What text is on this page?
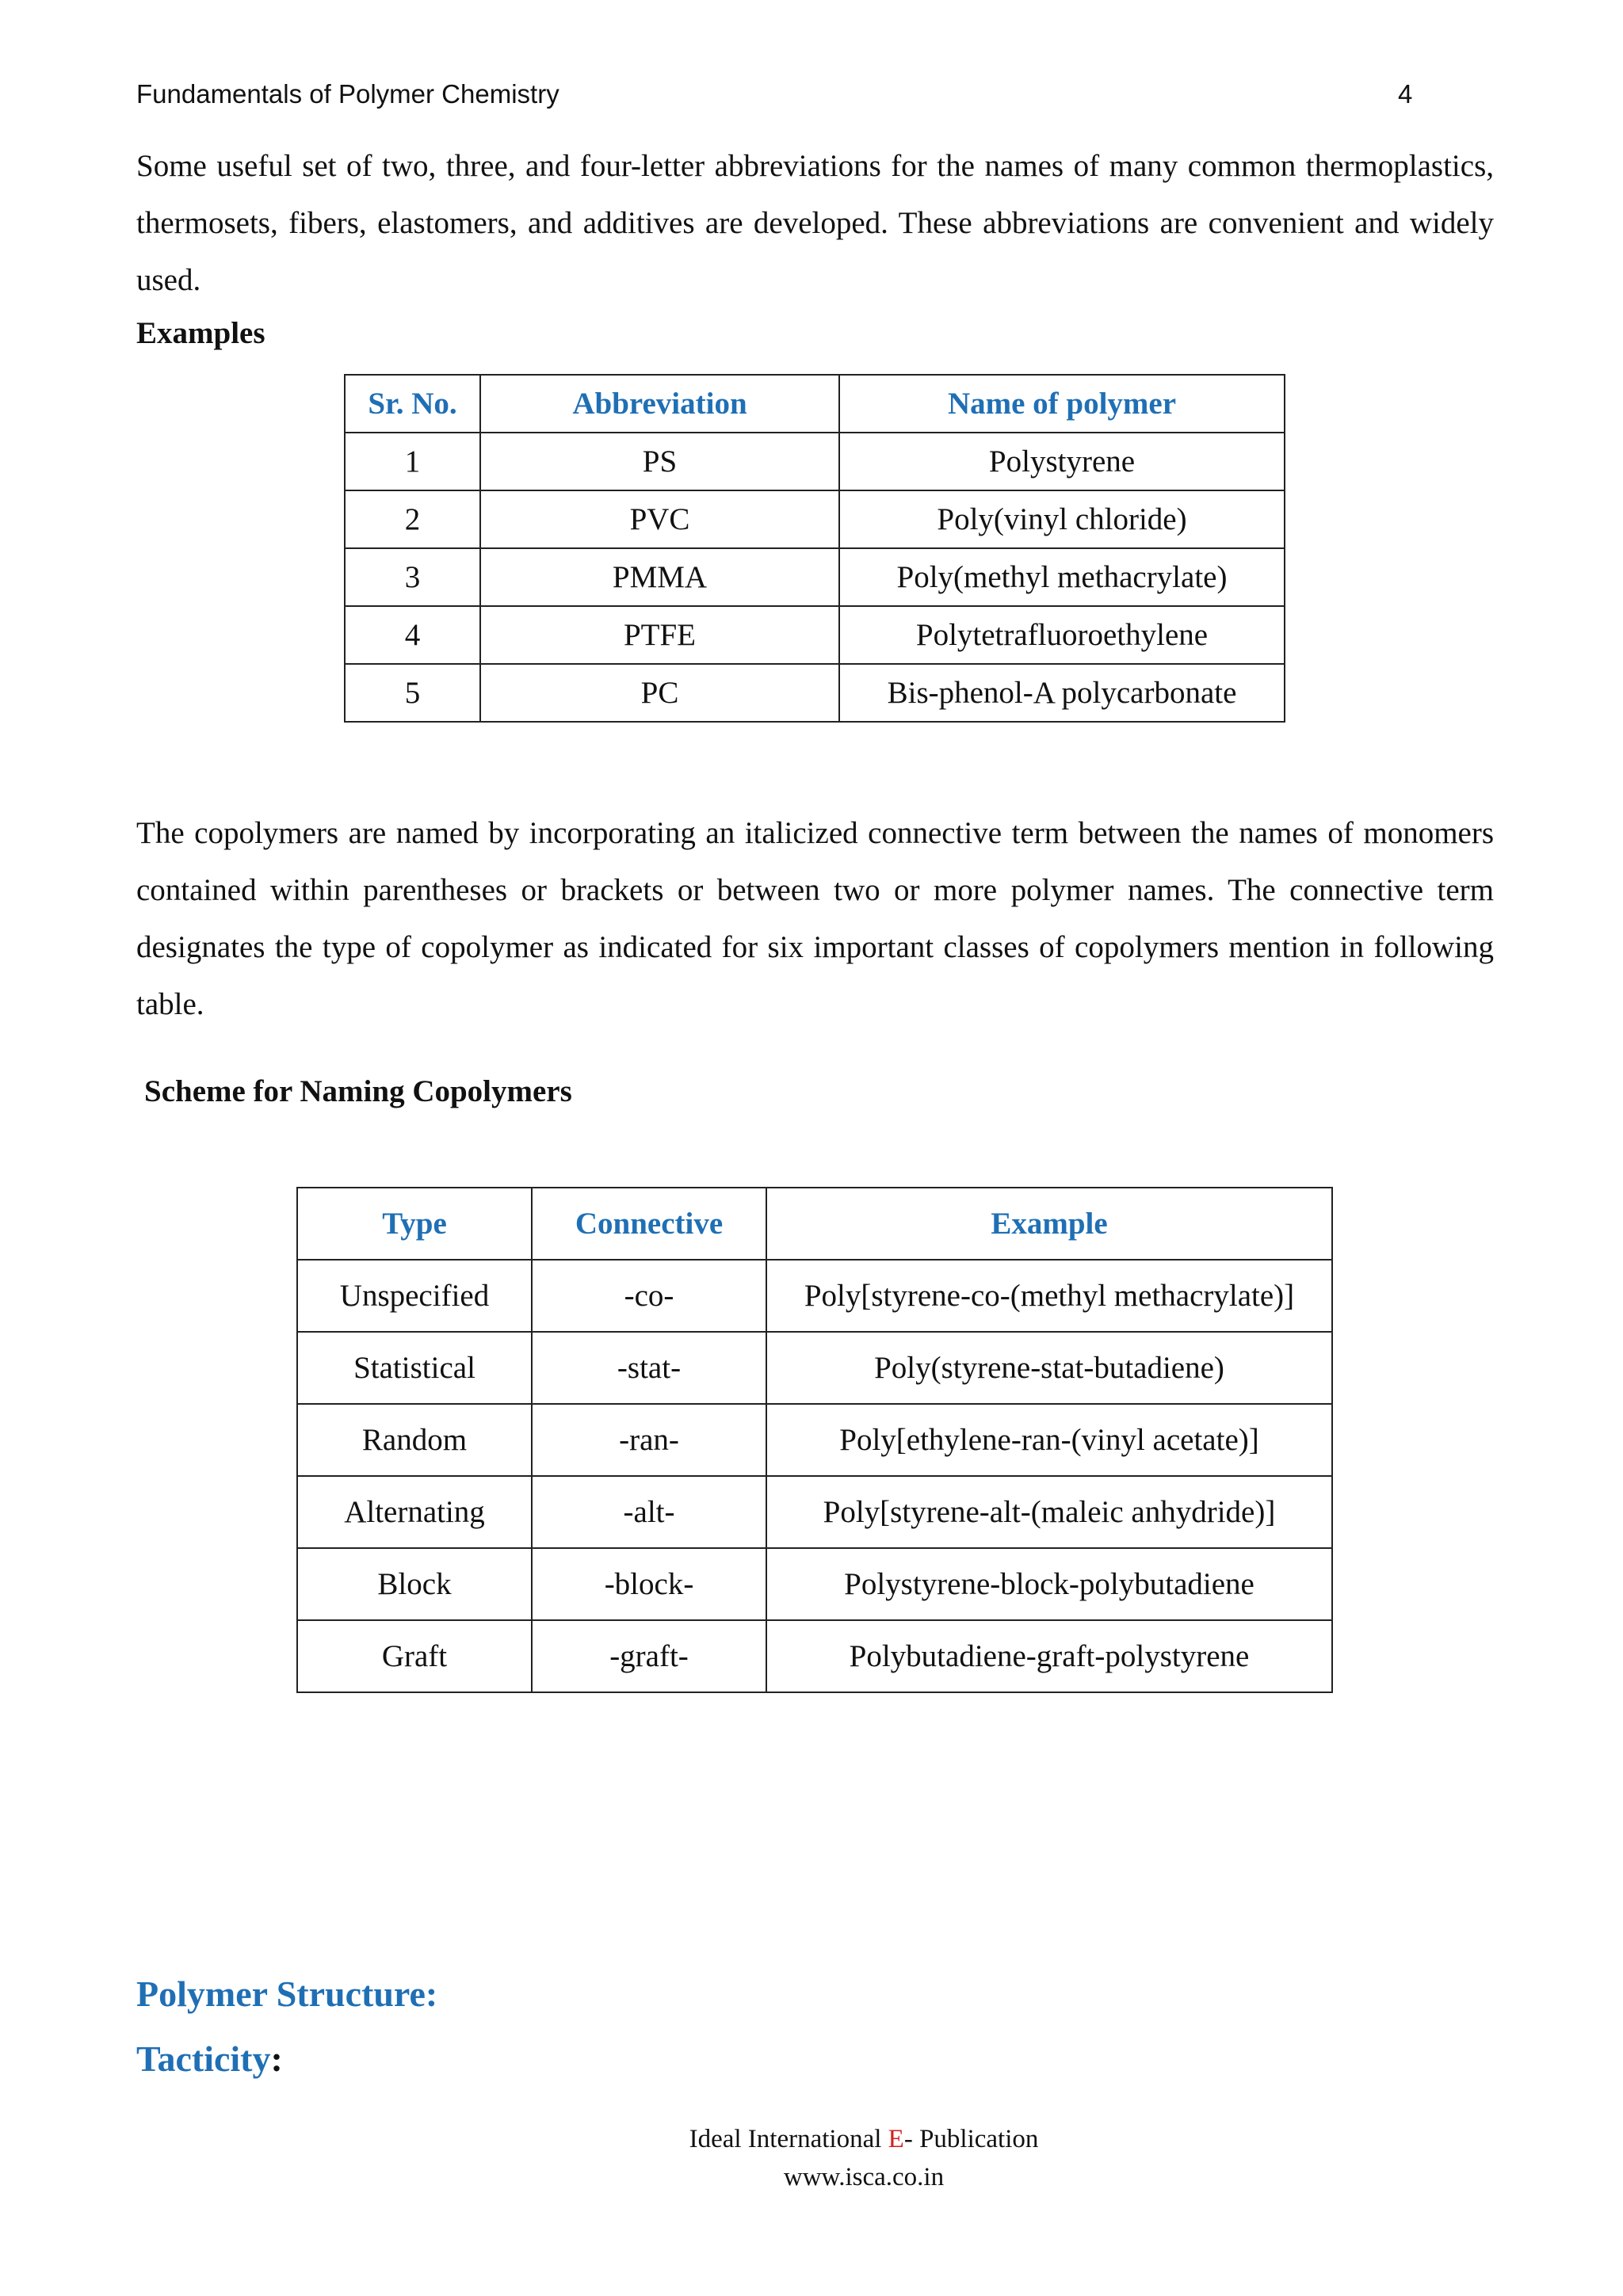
Fundamentals of Polymer Chemistry	4

Some useful set of two, three, and four-letter abbreviations for the names of many common thermoplastics, thermosets, fibers, elastomers, and additives are developed. These abbreviations are convenient and widely used.

Examples
Sr. No.	Abbreviation	Name of polymer
1	PS	Polystyrene
2	PVC	Poly(vinyl chloride)
3	PMMA	Poly(methyl methacrylate)
4	PTFE	Polytetrafluoroethylene
5	PC	Bis-phenol-A polycarbonate

The copolymers are named by incorporating an italicized connective term between the names of monomers contained within parentheses or brackets or between two or more polymer names. The connective term designates the type of copolymer as indicated for six important classes of copolymers mention in following table.

Scheme for Naming Copolymers
Type	Connective	Example
Unspecified	-co-	Poly[styrene-co-(methyl methacrylate)]
Statistical	-stat-	Poly(styrene-stat-butadiene)
Random	-ran-	Poly[ethylene-ran-(vinyl acetate)]
Alternating	-alt-	Poly[styrene-alt-(maleic anhydride)]
Block	-block-	Polystyrene-block-polybutadiene
Graft	-graft-	Polybutadiene-graft-polystyrene
Polymer Structure:
Tacticity:
Ideal International E- Publication
www.isca.co.in
